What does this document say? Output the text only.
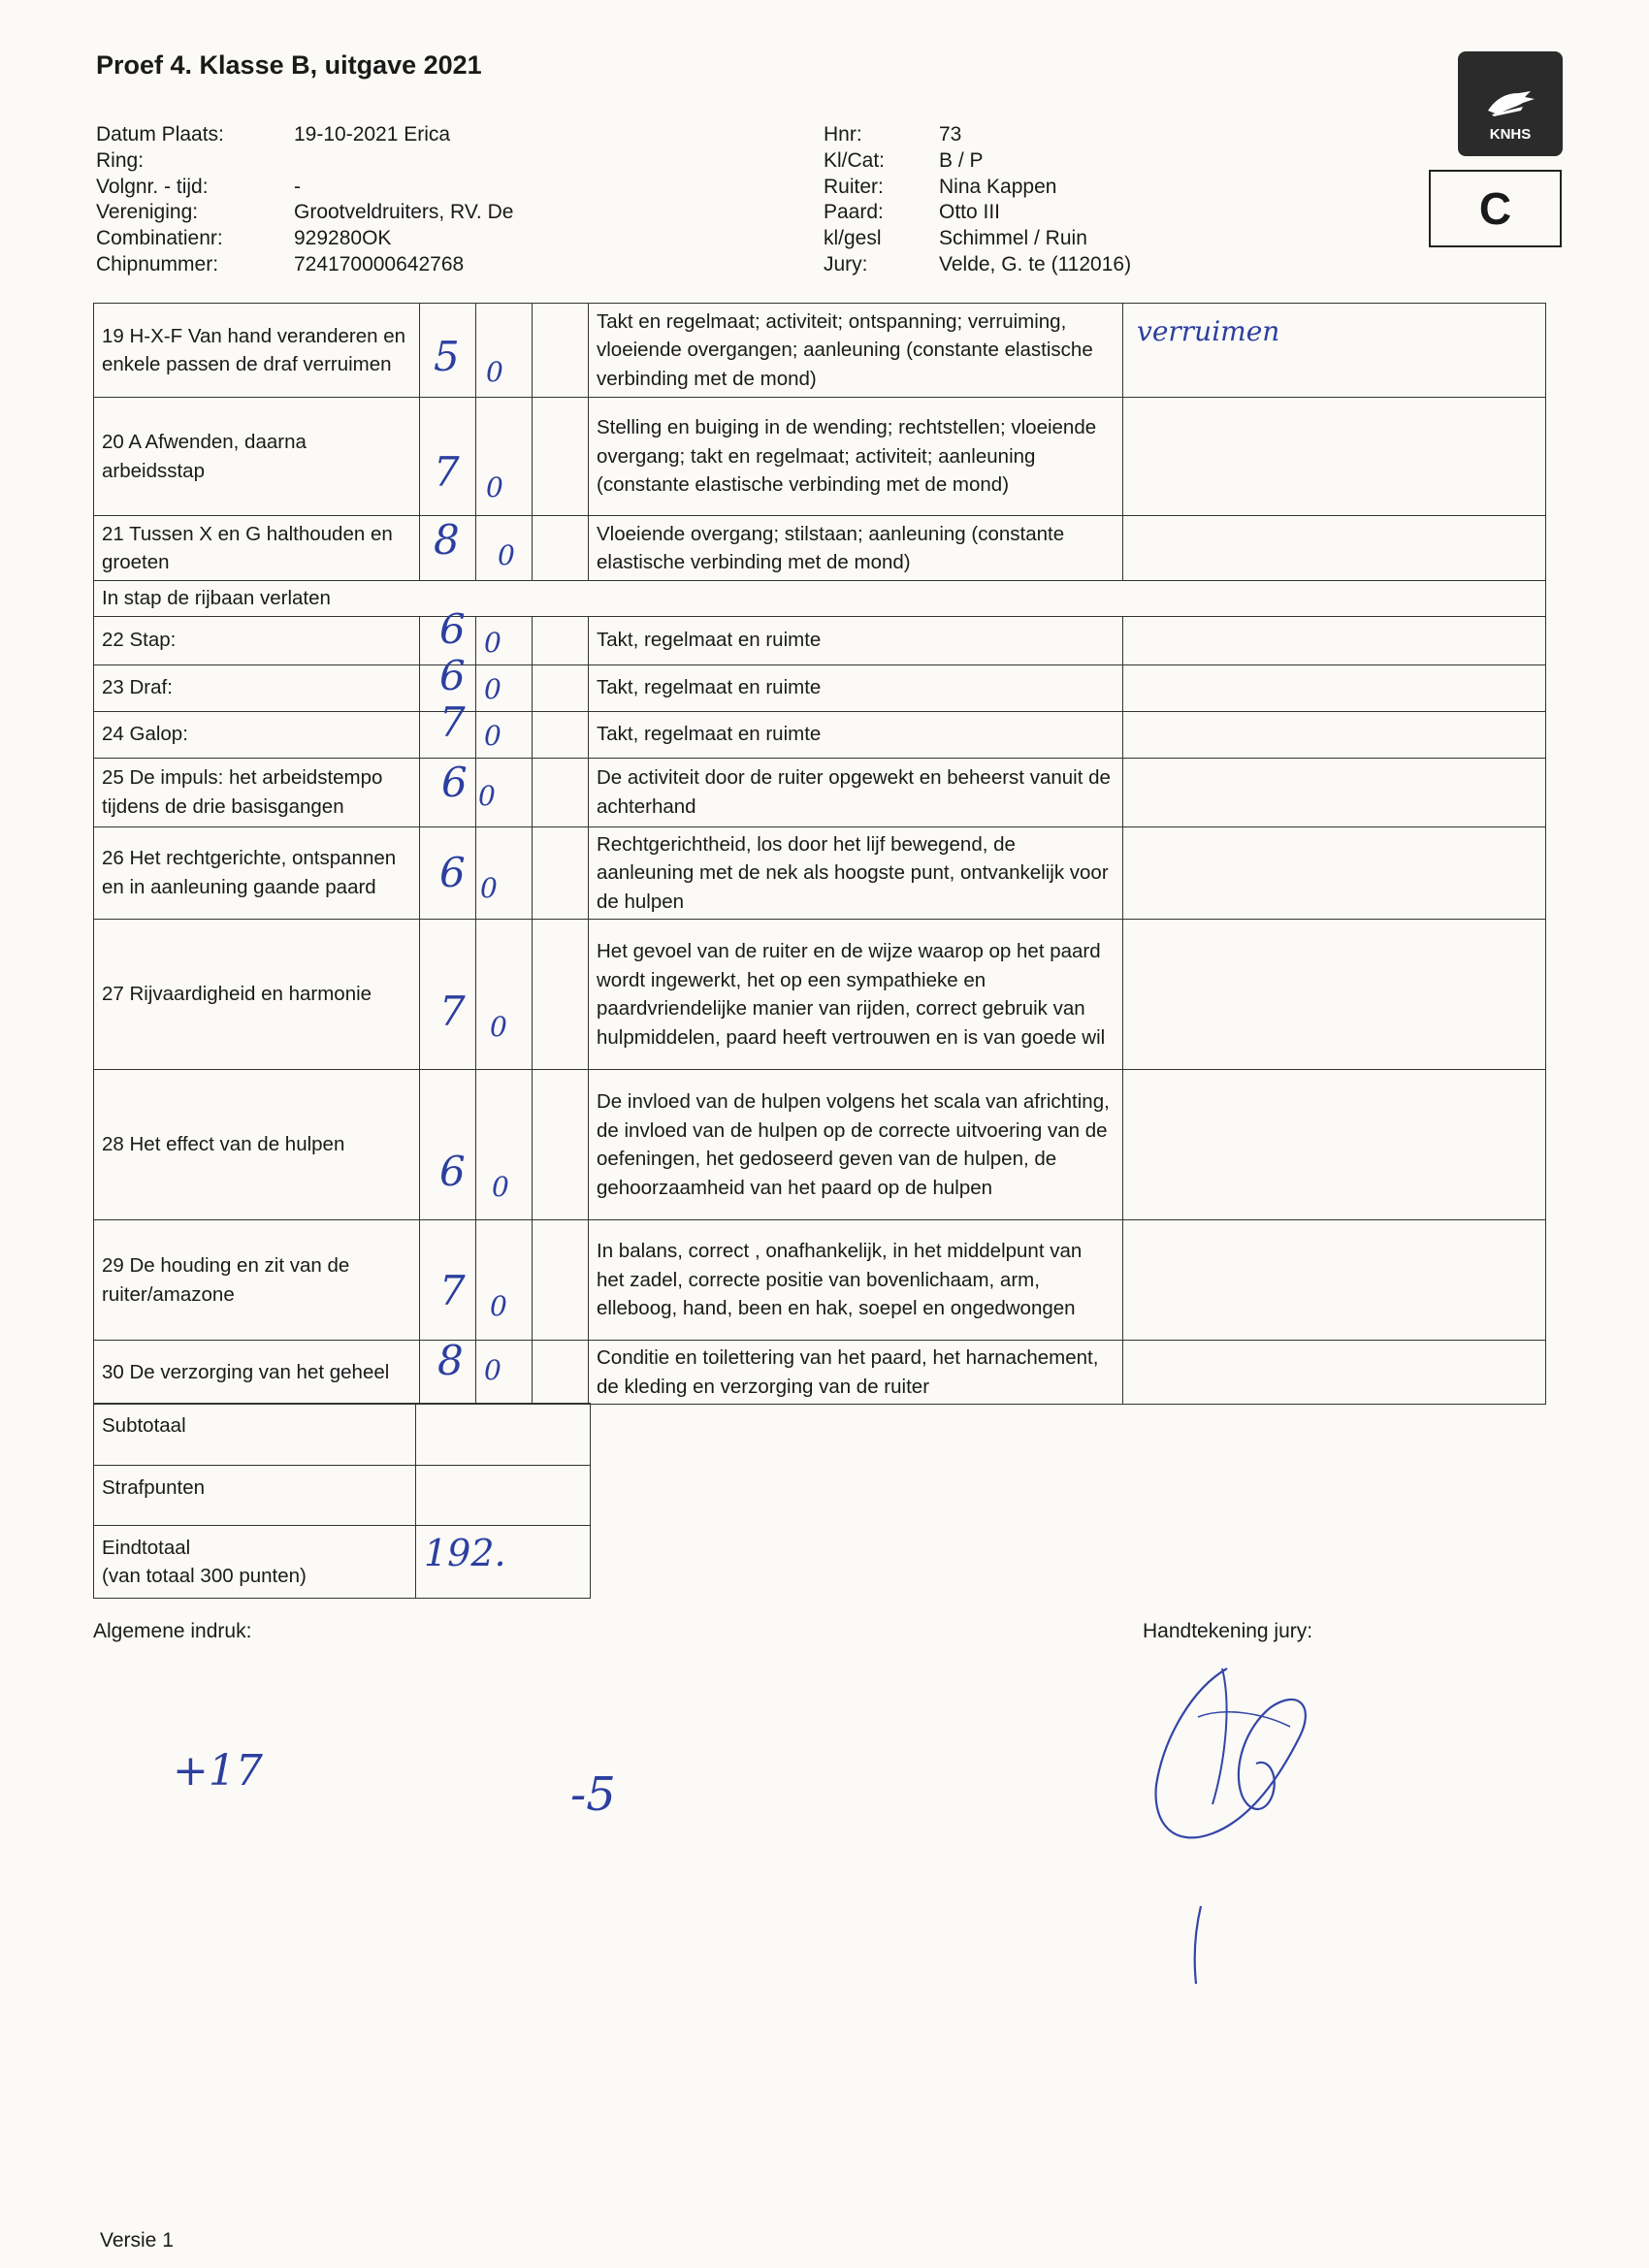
Proef 4. Klasse B, uitgave 2021
Datum Plaats:	19-10-2021 Erica
Ring:
Volgnr. - tijd:	-
Vereniging:	Grootveldruiters, RV. De
Combinatienr:	929280OK
Chipnummer:	724170000642768
Hnr:	73
Kl/Cat:	B / P
Ruiter:	Nina Kappen
Paard:	Otto III
kl/gesl	Schimmel / Ruin
Jury:	Velde, G. te (112016)
KNHS
C
19 H-X-F Van hand veranderen en enkele passen de draf verruimen	5	0		Takt en regelmaat; activiteit; ontspanning; verruiming, vloeiende overgangen; aanleuning (constante elastische verbinding met de mond)	verruimen

20 A Afwenden, daarna arbeidsstap	7	0		Stelling en buiging in de wending; rechtstellen; vloeiende overgang; takt en regelmaat; activiteit; aanleuning (constante elastische verbinding met de mond)	
21 Tussen X en G halthouden en groeten	8	0		Vloeiende overgang; stilstaan; aanleuning (constante elastische verbinding met de mond)	
In stap de rijbaan verlaten					
22 Stap:	6	0		Takt, regelmaat en ruimte	
23 Draf:	6	0		Takt, regelmaat en ruimte	
24 Galop:	7	0		Takt, regelmaat en ruimte	
25 De impuls: het arbeidstempo tijdens de drie basisgangen	6	0		De activiteit door de ruiter opgewekt en beheerst vanuit de achterhand	
26 Het rechtgerichte, ontspannen en in aanleuning gaande paard	6	0		Rechtgerichtheid, los door het lijf bewegend, de aanleuning met de nek als hoogste punt, ontvankelijk voor de hulpen	
27 Rijvaardigheid en harmonie	7	0		Het gevoel van de ruiter en de wijze waarop op het paard wordt ingewerkt, het op een sympathieke en paardvriendelijke manier van rijden, correct gebruik van hulpmiddelen, paard heeft vertrouwen en is van goede wil	
28 Het effect van de hulpen	6	0		De invloed van de hulpen volgens het scala van africhting, de invloed van de hulpen op de correcte uitvoering van de oefeningen, het gedoseerd geven van de hulpen, de gehoorzaamheid van het paard op de hulpen	
29 De houding en zit van de ruiter/amazone	7	0		In balans, correct , onafhankelijk, in het middelpunt van het zadel, correcte positie van bovenlichaam, arm, elleboog, hand, been en hak, soepel en ongedwongen	
30 De verzorging van het geheel	8	0		Conditie en toilettering van het paard, het harnachement, de kleding en verzorging van de ruiter	
Subtotaal	
Strafpunten	

Eindtotaal
(van totaal 300 punten)	192.
Algemene indruk:	Handtekening jury:
+17	-5
Versie 1
